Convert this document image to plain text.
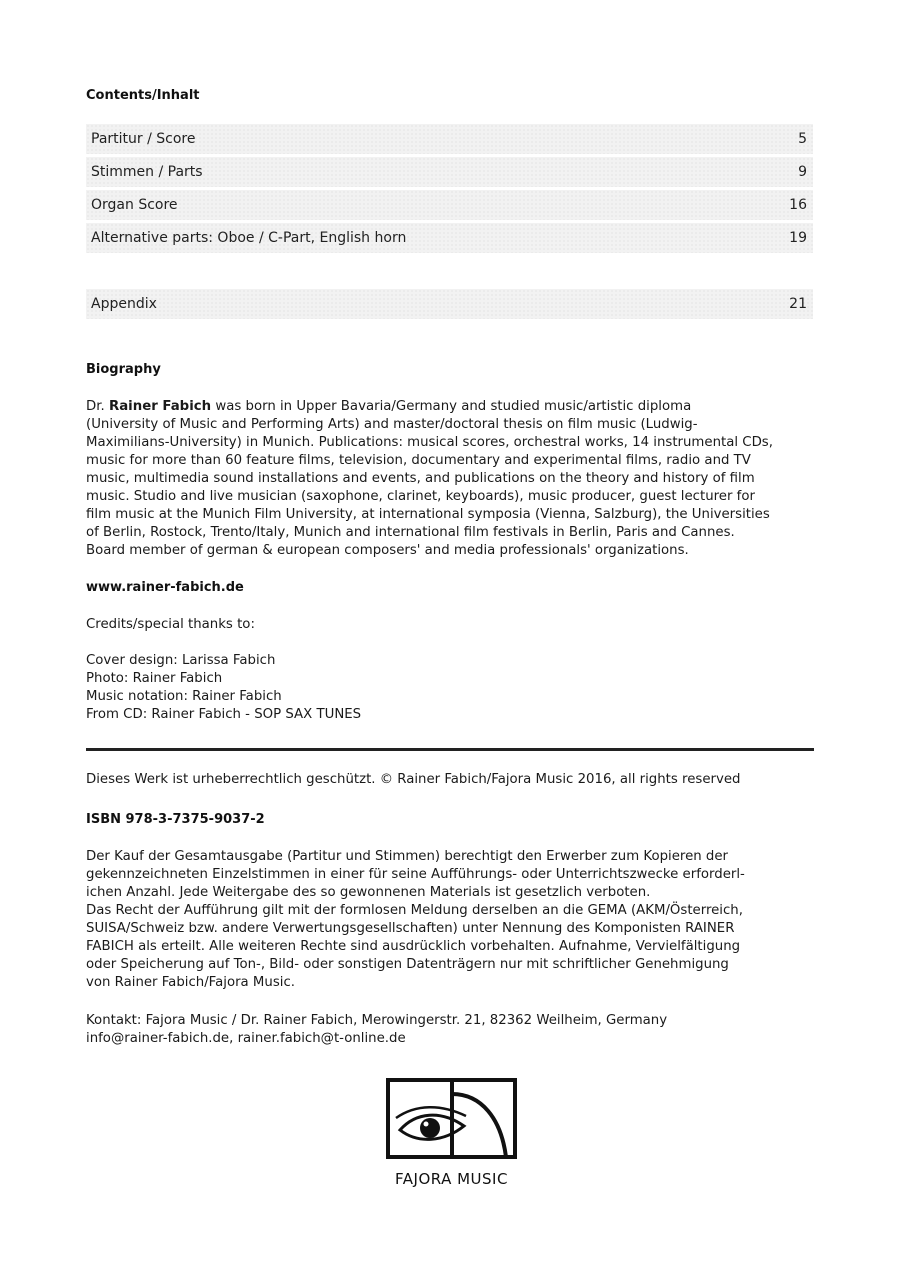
Contents/Inhalt
Partitur / Score	5
Stimmen / Parts	9
Organ Score	16
Alternative parts: Oboe / C-Part, English horn	19
Appendix	21
Biography
Dr. Rainer Fabich was born in Upper Bavaria/Germany and studied music/artistic diploma
(University of Music and Performing Arts) and master/doctoral thesis on film music (Ludwig-
Maximilians-University) in Munich. Publications: musical scores, orchestral works, 14 instrumental CDs,
music for more than 60 feature films, television, documentary and experimental films, radio and TV
music, multimedia sound installations and events, and publications on the theory and history of film
music. Studio and live musician (saxophone, clarinet, keyboards), music producer, guest lecturer for
film music at the Munich Film University, at international symposia (Vienna, Salzburg), the Universities
of Berlin, Rostock, Trento/Italy, Munich and international film festivals in Berlin, Paris and Cannes.
Board member of german & european composers' and media professionals' organizations.
www.rainer-fabich.de
Credits/special thanks to:
Cover design: Larissa Fabich
Photo: Rainer Fabich
Music notation: Rainer Fabich
From CD: Rainer Fabich - SOP SAX TUNES
Dieses Werk ist urheberrechtlich geschützt. © Rainer Fabich/Fajora Music 2016, all rights reserved
ISBN 978-3-7375-9037-2
Der Kauf der Gesamtausgabe (Partitur und Stimmen) berechtigt den Erwerber zum Kopieren der
gekennzeichneten Einzelstimmen in einer für seine Aufführungs- oder Unterrichtszwecke erforderl-
ichen Anzahl. Jede Weitergabe des so gewonnenen Materials ist gesetzlich verboten.
Das Recht der Aufführung gilt mit der formlosen Meldung derselben an die GEMA (AKM/Österreich,
SUISA/Schweiz bzw. andere Verwertungsgesellschaften) unter Nennung des Komponisten RAINER
FABICH als erteilt. Alle weiteren Rechte sind ausdrücklich vorbehalten. Aufnahme, Vervielfältigung
oder Speicherung auf Ton-, Bild- oder sonstigen Datenträgern nur mit schriftlicher Genehmigung
von Rainer Fabich/Fajora Music.
Kontakt: Fajora Music / Dr. Rainer Fabich, Merowingerstr. 21, 82362 Weilheim, Germany
info@rainer-fabich.de, rainer.fabich@t-online.de
FAJORA MUSIC
